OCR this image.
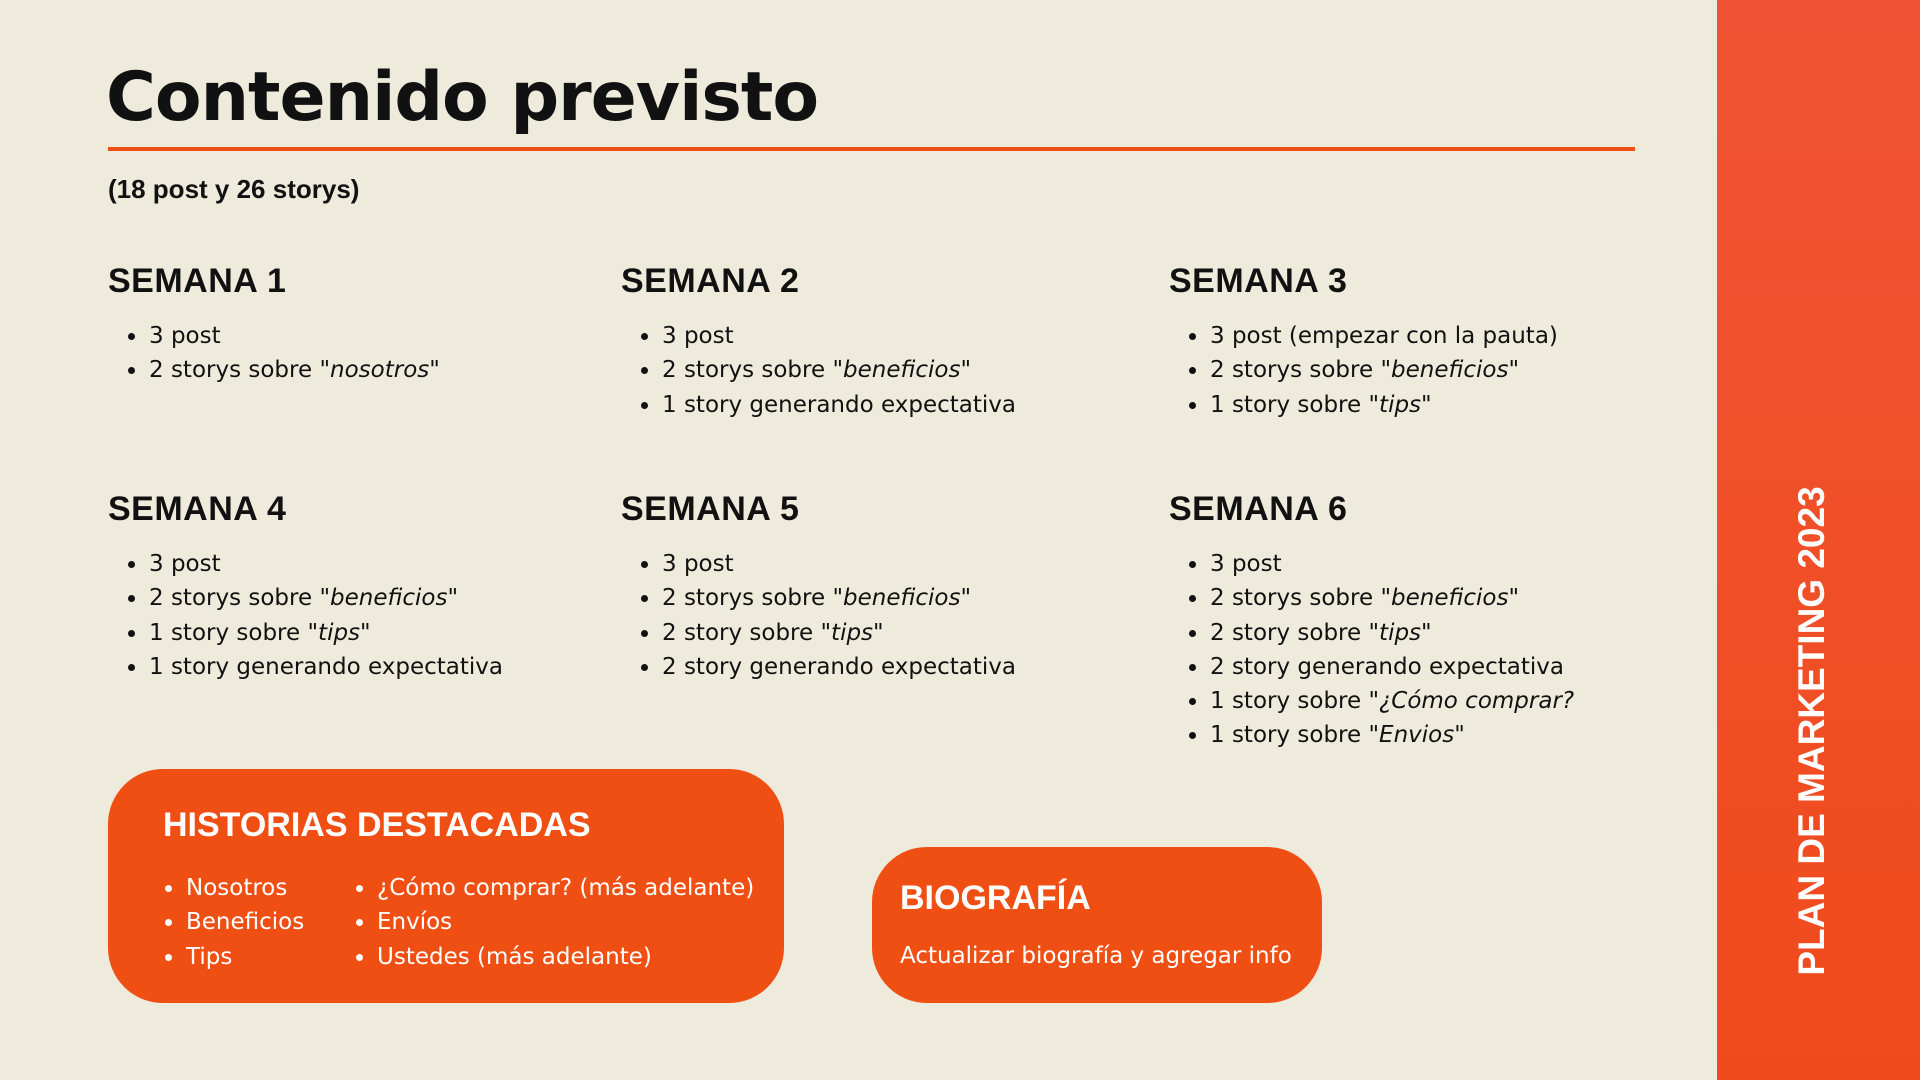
Contenido previsto
(18 post y 26 storys)
SEMANA 1
3 post
2 storys sobre "nosotros"
SEMANA 2
3 post
2 storys sobre "beneficios"
1 story generando expectativa
SEMANA 3
3 post (empezar con la pauta)
2 storys sobre "beneficios"
1 story sobre "tips"
SEMANA 4
3 post
2 storys sobre "beneficios"
1 story sobre "tips"
1 story generando expectativa
SEMANA 5
3 post
2 storys sobre "beneficios"
2 story sobre "tips"
2 story generando expectativa
SEMANA 6
3 post
2 storys sobre "beneficios"
2 story sobre "tips"
2 story generando expectativa
1 story sobre "¿Cómo comprar?
1 story sobre "Envios"
HISTORIAS DESTACADAS
Nosotros
Beneficios
Tips
¿Cómo comprar? (más adelante)
Envíos
Ustedes (más adelante)
BIOGRAFÍA

Actualizar biografía y agregar info	PLAN DE MARKETING 2023
